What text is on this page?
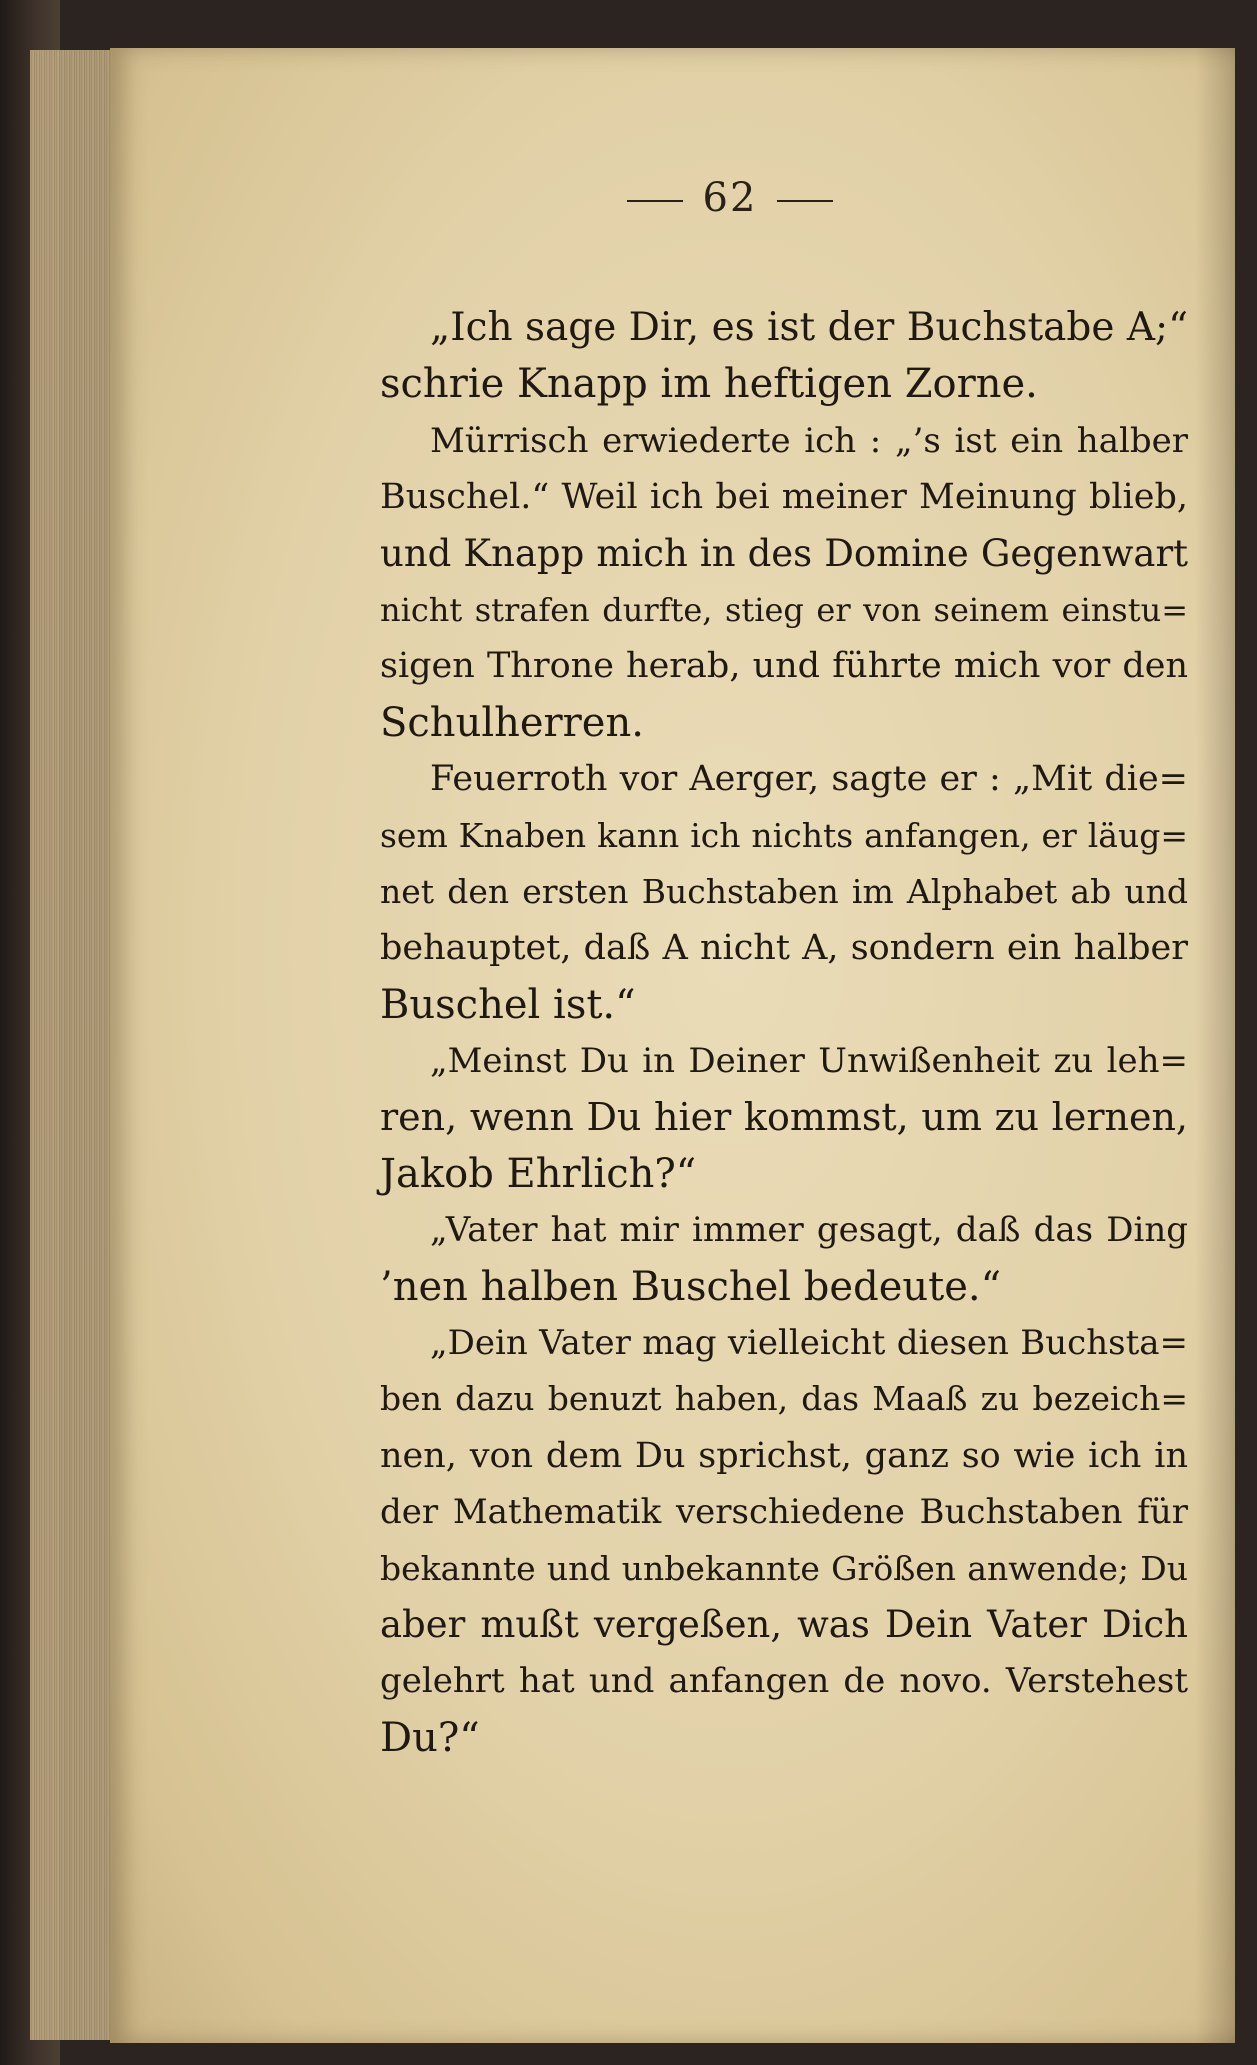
62
„Ich sage Dir, es ist der Buchstabe A;“
schrie Knapp im heftigen Zorne.
Mürrisch erwiederte ich : „’s ist ein halber
Buschel.“ Weil ich bei meiner Meinung blieb,
und Knapp mich in des Domine Gegenwart
nicht strafen durfte, stieg er von seinem einstu=
sigen Throne herab, und führte mich vor den
Schulherren.
Feuerroth vor Aerger, sagte er : „Mit die=
sem Knaben kann ich nichts anfangen, er läug=
net den ersten Buchstaben im Alphabet ab und
behauptet, daß A nicht A, sondern ein halber
Buschel ist.“
„Meinst Du in Deiner Unwißenheit zu leh=
ren, wenn Du hier kommst, um zu lernen,
Jakob Ehrlich?“
„Vater hat mir immer gesagt, daß das Ding
’nen halben Buschel bedeute.“
„Dein Vater mag vielleicht diesen Buchsta=
ben dazu benuzt haben, das Maaß zu bezeich=
nen, von dem Du sprichst, ganz so wie ich in
der Mathematik verschiedene Buchstaben für
bekannte und unbekannte Größen anwende; Du
aber mußt vergeßen, was Dein Vater Dich
gelehrt hat und anfangen de novo. Verstehest
Du?“
